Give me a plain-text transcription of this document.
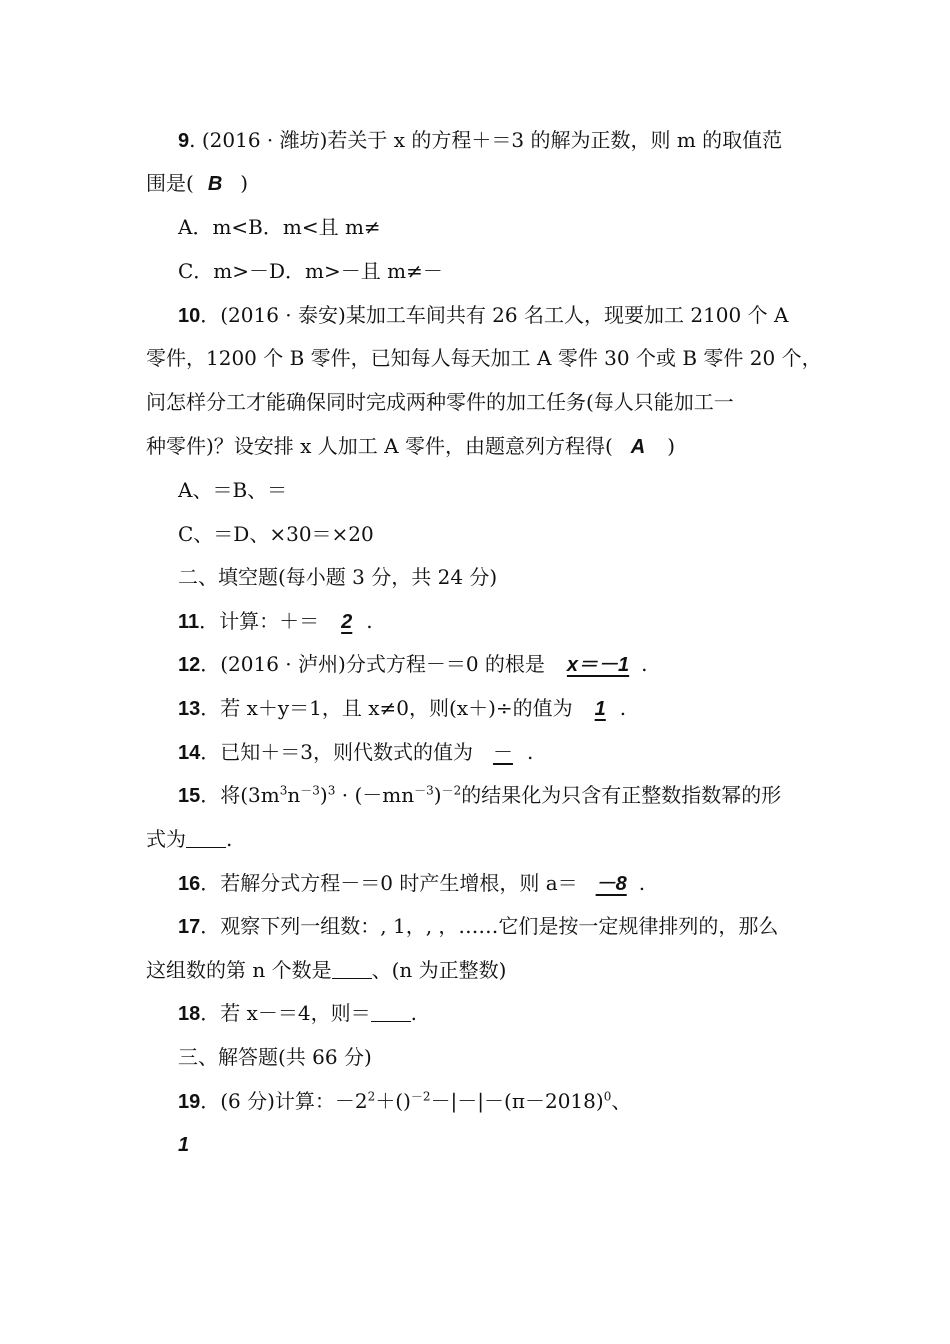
9. (2016 · 潍坊)若关于 x 的方程＋＝3 的解为正数，则 m 的取值范
围是( B )
A．m<B．m<且 m≠
C．m>－D．m>－且 m≠－
10．(2016 · 泰安)某加工车间共有 26 名工人，现要加工 2100 个 A
零件，1200 个 B 零件，已知每人每天加工 A 零件 30 个或 B 零件 20 个，
问怎样分工才能确保同时完成两种零件的加工任务(每人只能加工一
种零件)？设安排 x 人加工 A 零件，由题意列方程得( A )
A、＝B、＝
C、＝D、×30＝×20
二、填空题(每小题 3 分，共 24 分)
11．计算：＋＝ 2 .
12．(2016 · 泸州)分式方程－＝0 的根是 x＝－1 .
13．若 x＋y＝1，且 x≠0，则(x＋)÷的值为 1 .
14．已知＋＝3，则代数式的值为 － .
15．将$(3m^3n^{-3})^3 \cdot (-mn^{-3})^{-2}$的结果化为只含有正整数指数幂的形
式为 .
16．若解分式方程－＝0 时产生增根，则 a＝ －8 .
17．观察下列一组数：, 1，, ，……它们是按一定规律排列的，那么
这组数的第 n 个数是 、(n 为正整数)
18．若 x－＝4，则＝ .
三、解答题(共 66 分)
19．(6 分)计算：$-2^2+()^{-2}-|-|-(\pi-2018)^0$、
1
